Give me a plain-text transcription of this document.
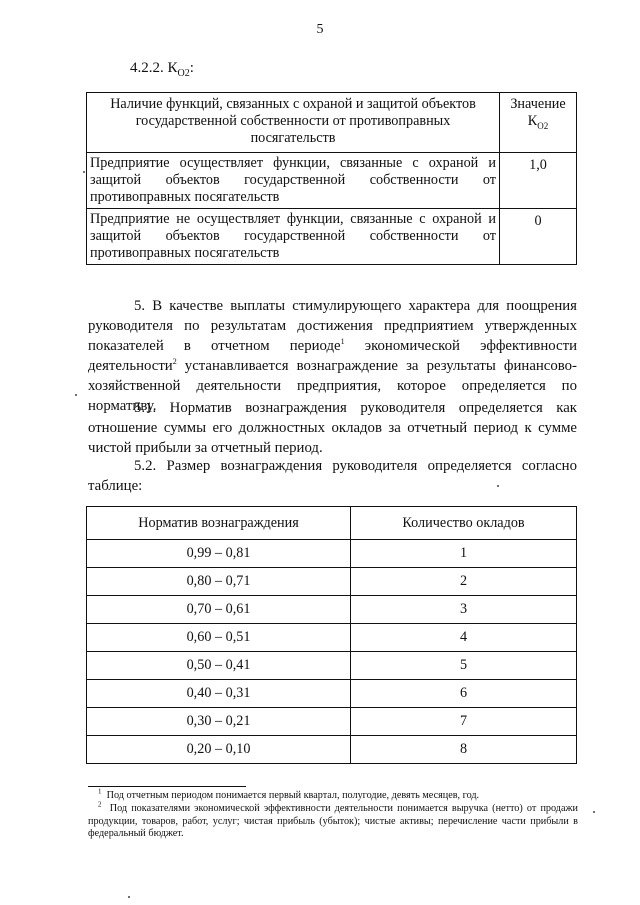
5
4.2.2. $К_{О2}$:
Наличие функций, связанных с охраной и защитой объектов государственной собственности от противоправных посягательств	Значение
$К_{О2}$
Предприятие осуществляет функции, связанные с охраной и защитой объектов государственной собственности от противоправных посягательств	1,0
Предприятие не осуществляет функции, связанные с охраной и защитой объектов государственной собственности от противоправных посягательств	0
5. В качестве выплаты стимулирующего характера для поощрения руководителя по результатам достижения предприятием утвержденных показателей в отчетном периоде$^1$ экономической эффективности деятельности$^2$ устанавливается вознаграждение за результаты финансово-хозяйственной деятельности предприятия, которое определяется по нормативу.
5.1. Норматив вознаграждения руководителя определяется как отношение суммы его должностных окладов за отчетный период к сумме чистой прибыли за отчетный период.
5.2. Размер вознаграждения руководителя определяется согласно таблице:
Норматив вознаграждения	Количество окладов
0,99 – 0,81	1
0,80 – 0,71	2
0,70 – 0,61	3
0,60 – 0,51	4
0,50 – 0,41	5
0,40 – 0,31	6
0,30 – 0,21	7
0,20 – 0,10	8
$^1$ Под отчетным периодом понимается первый квартал, полугодие, девять месяцев, год.
$^2$ Под показателями экономической эффективности деятельности понимается выручка (нетто) от продажи продукции, товаров, работ, услуг; чистая прибыль (убыток); чистые активы; перечисление части прибыли в федеральный бюджет.
